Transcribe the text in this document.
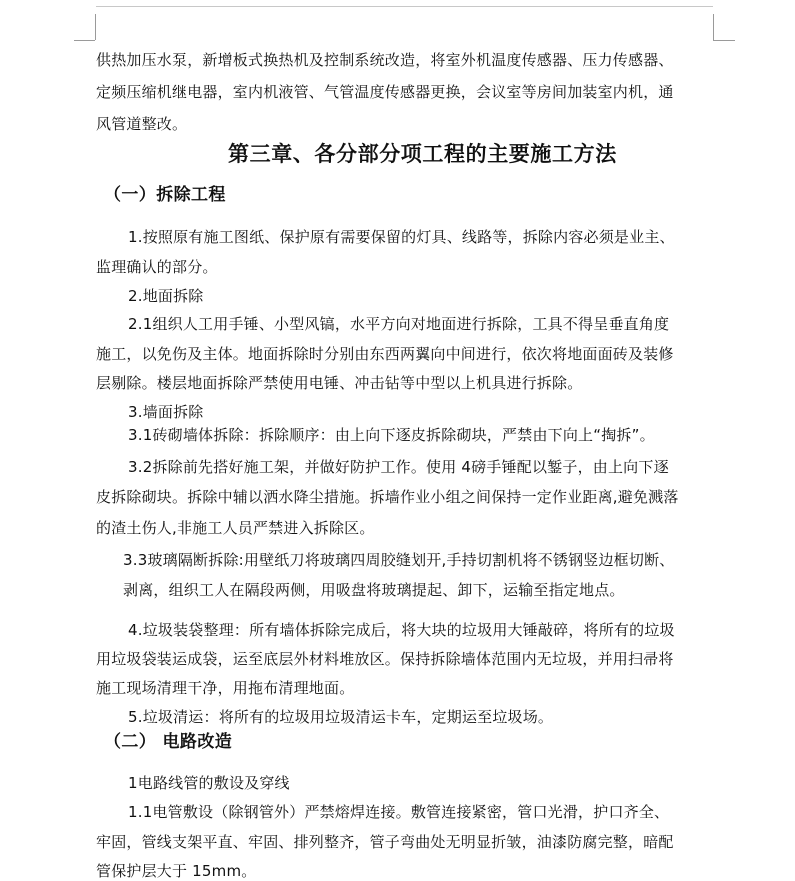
供热加压水泵，新增板式换热机及控制系统改造，将室外机温度传感器、压力传感器、
定频压缩机继电器，室内机液管、气管温度传感器更换，会议室等房间加装室内机，通
风管道整改。
第三章、各分部分项工程的主要施工方法
（一）拆除工程
1.按照原有施工图纸、保护原有需要保留的灯具、线路等，拆除内容必须是业主、
监理确认的部分。
2.地面拆除
2.1组织人工用手锤、小型风镐，水平方向对地面进行拆除，工具不得呈垂直角度
施工，以免伤及主体。地面拆除时分别由东西两翼向中间进行，依次将地面面砖及装修
层剔除。楼层地面拆除严禁使用电锤、冲击钻等中型以上机具进行拆除。
3.墙面拆除
3.1砖砌墙体拆除：拆除顺序：由上向下逐皮拆除砌块，严禁由下向上“掏拆”。
3.2拆除前先搭好施工架，并做好防护工作。使用 4磅手锤配以錾子，由上向下逐
皮拆除砌块。拆除中辅以洒水降尘措施。拆墙作业小组之间保持一定作业距离,避免溅落
的渣土伤人,非施工人员严禁进入拆除区。
3.3玻璃隔断拆除:用壁纸刀将玻璃四周胶缝划开,手持切割机将不锈钢竖边框切断、
剥离，组织工人在隔段两侧，用吸盘将玻璃提起、卸下，运输至指定地点。
4.垃圾装袋整理：所有墙体拆除完成后，将大块的垃圾用大锤敲碎，将所有的垃圾
用垃圾袋装运成袋，运至底层外材料堆放区。保持拆除墙体范围内无垃圾，并用扫帚将
施工现场清理干净，用拖布清理地面。
5.垃圾清运：将所有的垃圾用垃圾清运卡车，定期运至垃圾场。
（二） 电路改造
1电路线管的敷设及穿线
1.1电管敷设（除钢管外）严禁熔焊连接。敷管连接紧密，管口光滑，护口齐全、
牢固，管线支架平直、牢固、排列整齐，管子弯曲处无明显折皱，油漆防腐完整，暗配
管保护层大于 15mm。
